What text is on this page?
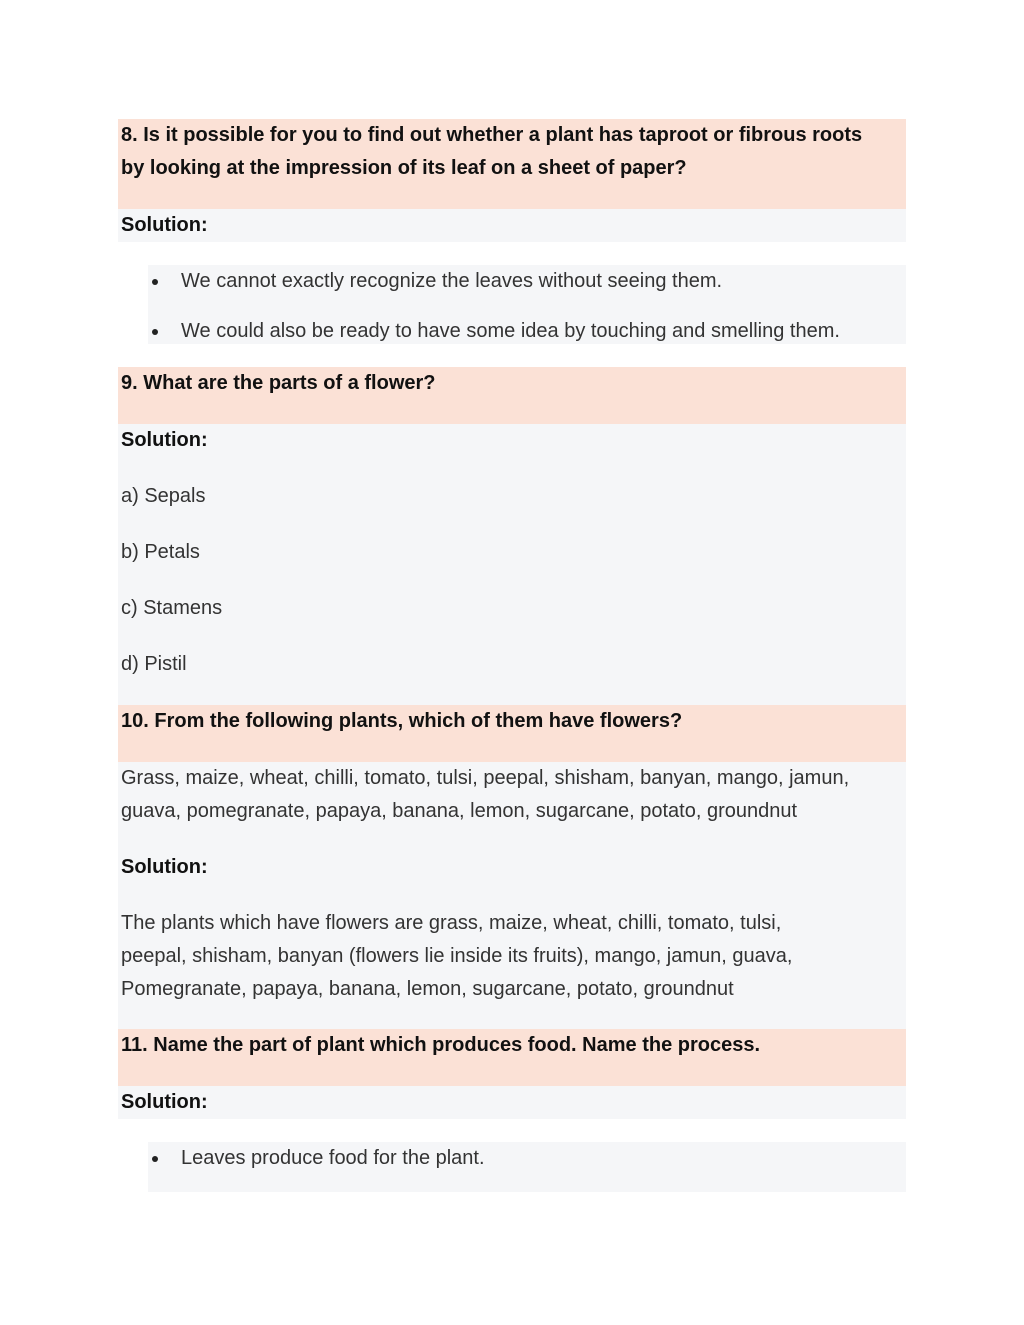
8. Is it possible for you to find out whether a plant has taproot or fibrous roots
by looking at the impression of its leaf on a sheet of paper?
Solution:
We cannot exactly recognize the leaves without seeing them.
We could also be ready to have some idea by touching and smelling them.
9. What are the parts of a flower?
Solution:
a) Sepals
b) Petals
c) Stamens
d) Pistil
10. From the following plants, which of them have flowers?
Grass, maize, wheat, chilli, tomato, tulsi, peepal, shisham, banyan, mango, jamun,
guava, pomegranate, papaya, banana, lemon, sugarcane, potato, groundnut
Solution:
The plants which have flowers are grass, maize, wheat, chilli, tomato, tulsi,
peepal, shisham, banyan (flowers lie inside its fruits), mango, jamun, guava,
Pomegranate, papaya, banana, lemon, sugarcane, potato, groundnut
11. Name the part of plant which produces food. Name the process.
Solution:
Leaves produce food for the plant.
